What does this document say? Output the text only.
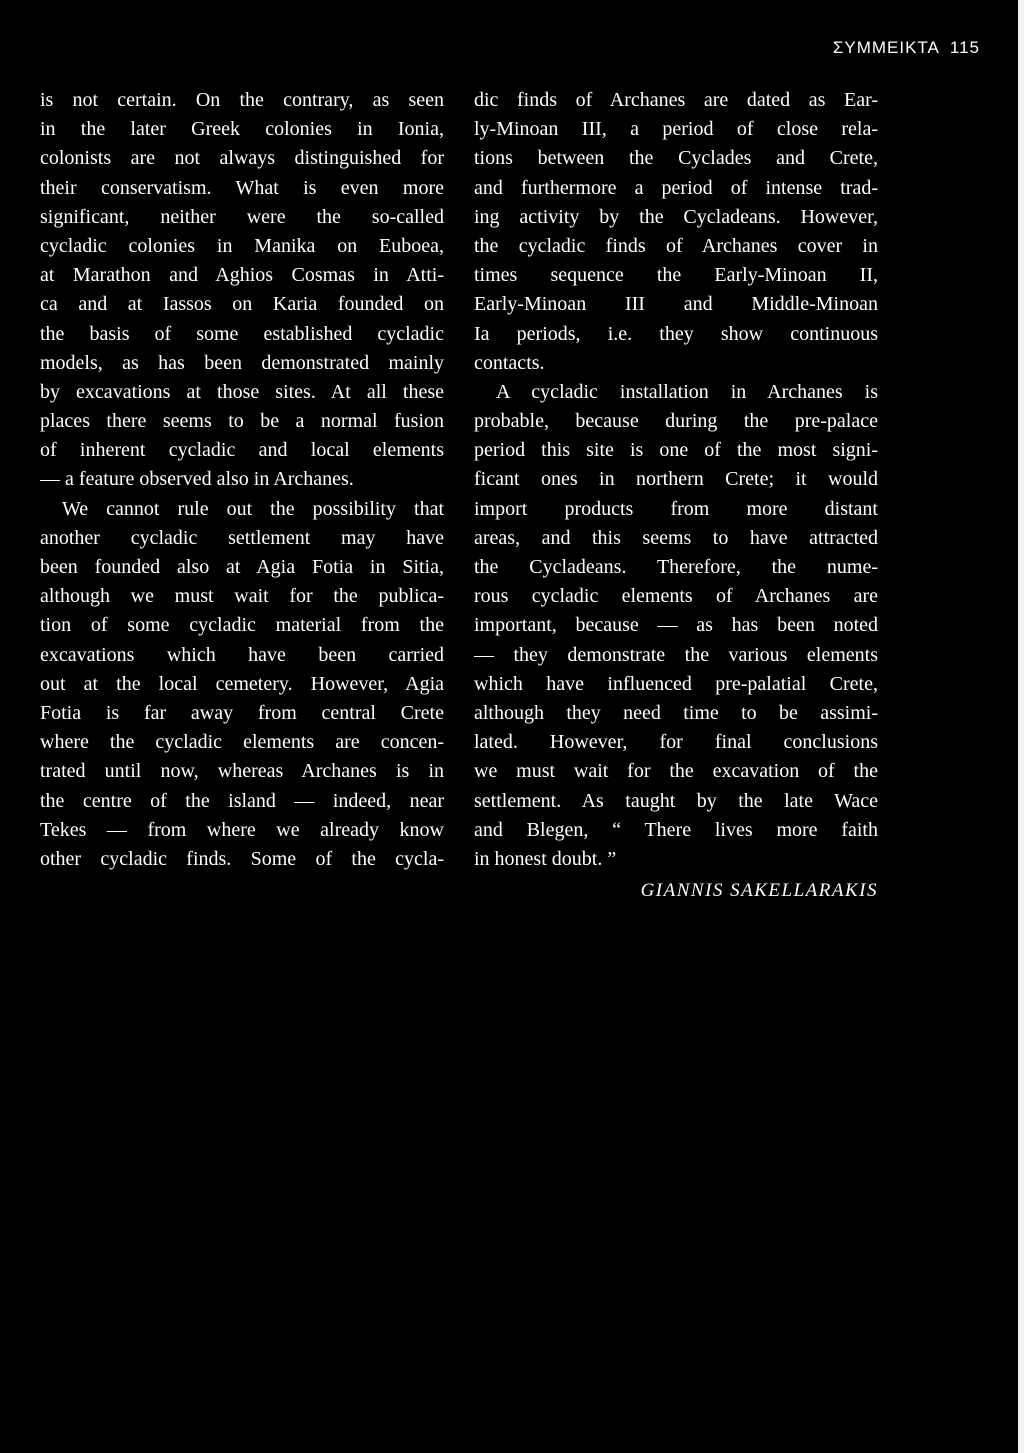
ΣΥΜΜΕΙΚΤΑ 115
is not certain. On the contrary, as seen
in the later Greek colonies in Ionia,
colonists are not always distinguished for
their conservatism. What is even more
significant, neither were the so-called
cycladic colonies in Manika on Euboea,
at Marathon and Aghios Cosmas in Atti-
ca and at Iassos on Karia founded on
the basis of some established cycladic
models, as has been demonstrated mainly
by excavations at those sites. At all these
places there seems to be a normal fusion
of inherent cycladic and local elements
— a feature observed also in Archanes.
We cannot rule out the possibility that
another cycladic settlement may have
been founded also at Agia Fotia in Sitia,
although we must wait for the publica-
tion of some cycladic material from the
excavations which have been carried
out at the local cemetery. However, Agia
Fotia is far away from central Crete
where the cycladic elements are concen-
trated until now, whereas Archanes is in
the centre of the island — indeed, near
Tekes — from where we already know
other cycladic finds. Some of the cycla-
dic finds of Archanes are dated as Ear-
ly-Minoan III, a period of close rela-
tions between the Cyclades and Crete,
and furthermore a period of intense trad-
ing activity by the Cycladeans. However,
the cycladic finds of Archanes cover in
times sequence the Early-Minoan II,
Early-Minoan III and Middle-Minoan
Ia periods, i.e. they show continuous
contacts.
A cycladic installation in Archanes is
probable, because during the pre-palace
period this site is one of the most signi-
ficant ones in northern Crete; it would
import products from more distant
areas, and this seems to have attracted
the Cycladeans. Therefore, the nume-
rous cycladic elements of Archanes are
important, because — as has been noted
— they demonstrate the various elements
which have influenced pre-palatial Crete,
although they need time to be assimi-
lated. However, for final conclusions
we must wait for the excavation of the
settlement. As taught by the late Wace
and Blegen, “ There lives more faith
in honest doubt. ”
GIANNIS SAKELLARAKIS
